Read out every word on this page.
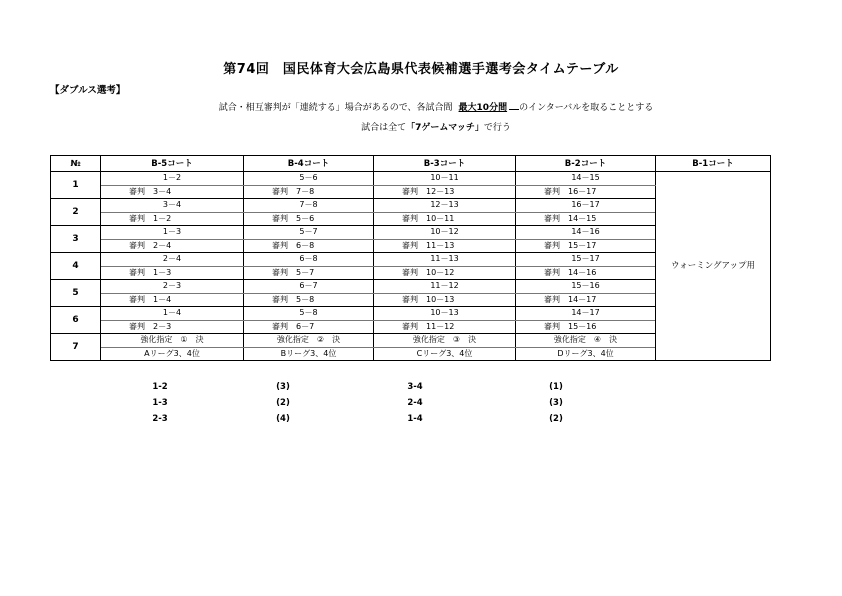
第74回　国民体育大会広島県代表候補選手選考会タイムテーブル
【ダブルス選考】
試合・相互審判が「連続する」場合があるので、各試合間 最大10分間 のインターバルを取ることとする
試合は全て「7ゲームマッチ」で行う
№	B-5コート	B-4コート	B-3コート	B-2コート	B-1コート
1	1－2	5－6	10－11	14－15	ウォーミングアップ用
	審判　3－4	審判　7－8	審判　12－13	審判　16－17	
2	3－4	7－8	12－13	16－17	
	審判　1－2	審判　5－6	審判　10－11	審判　14－15	
3	1－3	5－7	10－12	14－16	
	審判　2－4	審判　6－8	審判　11－13	審判　15－17	
4	2－4	6－8	11－13	15－17	
	審判　1－3	審判　5－7	審判　10－12	審判　14－16	
5	2－3	6－7	11－12	15－16	
	審判　1－4	審判　5－8	審判　10－13	審判　14－17	
6	1－4	5－8	10－13	14－17	
	審判　2－3	審判　6－7	審判　11－12	審判　15－16	
7	強化指定　①　決	強化指定　②　決	強化指定　③　決	強化指定　④　決	
	Aリーグ3、4位	Bリーグ3、4位	Cリーグ3、4位	Dリーグ3、4位	
1-2	(3)	3-4	(1)
1-3	(2)	2-4	(3)
2-3	(4)	1-4	(2)
